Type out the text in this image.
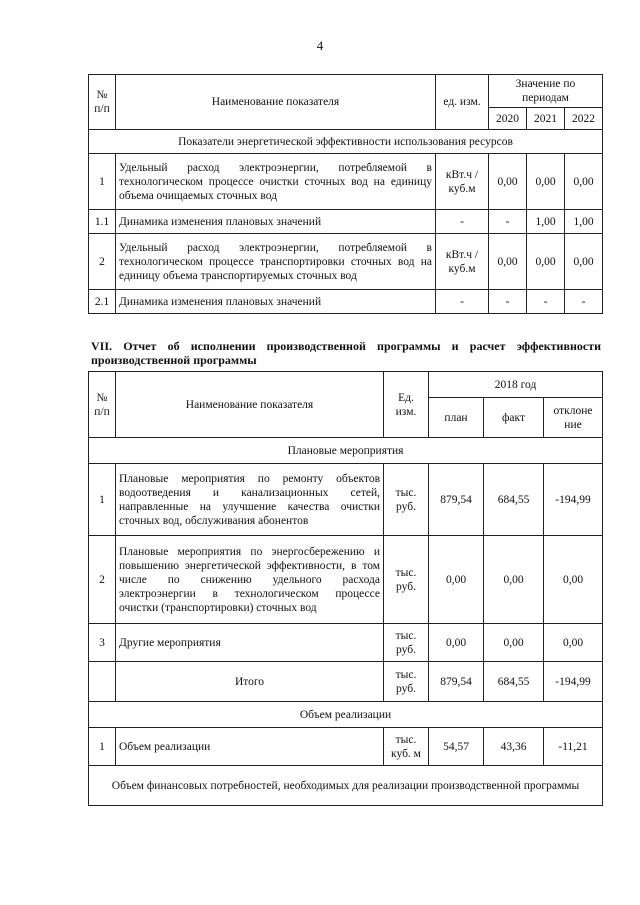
4
№ п/п	Наименование показателя	ед. изм.	Значение по периодам		
			2020	2021	2022
Показатели энергетической эффективности использования ресурсов					
1	Удельный расход электроэнергии, потребляемой в технологическом процессе очистки сточных вод на единицу объема очищаемых сточных вод	кВт.ч / куб.м	0,00	0,00	0,00
1.1	Динамика изменения плановых значений	-	-	1,00	1,00
2	Удельный расход электроэнергии, потребляемой в технологическом процессе транспортировки сточных вод на единицу объема транспортируемых сточных вод	кВт.ч / куб.м	0,00	0,00	0,00
2.1	Динамика изменения плановых значений	-	-	-	-
VII. Отчет об исполнении производственной программы и расчет эффективности производственной программы
№ п/п	Наименование показателя	Ед. изм.	2018 год		
			план	факт	отклоне ние
Плановые мероприятия					
1	Плановые мероприятия по ремонту объектов водоотведения и канализационных сетей, направленные на улучшение качества очистки сточных вод, обслуживания абонентов	тыс. руб.	879,54	684,55	-194,99
2	Плановые мероприятия по энергосбережению и повышению энергетической эффективности, в том числе по снижению удельного расхода электроэнергии в технологическом процессе очистки (транспортировки) сточных вод	тыс. руб.	0,00	0,00	0,00
3	Другие мероприятия	тыс. руб.	0,00	0,00	0,00
	Итого	тыс. руб.	879,54	684,55	-194,99
Объем реализации					
1	Объем реализации	тыс. куб. м	54,57	43,36	-11,21
Объем финансовых потребностей, необходимых для реализации производственной программы					
